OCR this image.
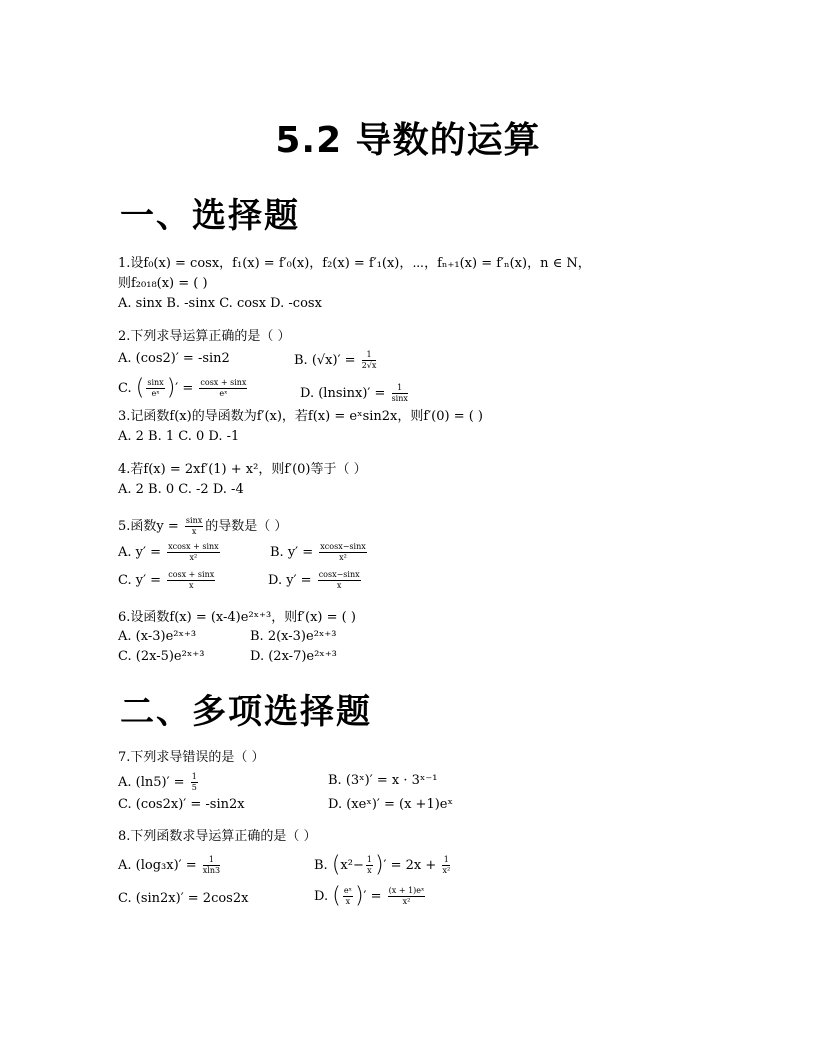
5.2 导数的运算
一、选择题
1.设f₀(x) = cosx，f₁(x) = f′₀(x)，f₂(x) = f′₁(x)，⋯，fₙ₊₁(x) = f′ₙ(x)，n ∈ N，
则f₂₀₁₈(x) = ( )
A. sinx B. -sinx C. cosx D. -cosx
2.下列求导运算正确的是（ ）
A. (cos2)′ = -sin2	B. $(√x)' = \frac{1}{2√x}$
C. ( $\frac{\sin x}{\text{eˣ}}$ )′ = $\frac{\cos x + \sin x}{\text{eˣ}}$	D. $(lnsinx)' = \frac{1}{\sin x}$
3.记函数f(x)的导函数为f′(x)，若f(x) = eˣsin2x，则f′(0) = ( )
A. 2 B. 1 C. 0 D. -1
4.若f(x) = 2xf′(1) + x²，则f′(0)等于（ ）
A. 2 B. 0 C. -2 D. -4
5.函数$y = \frac{\sin x}{x}$ 的导数是（ ）
A. $y' = \frac{xcosx + \sin x}{\text{x²}}$	B. $y' = \frac{xcosx-\sin x}{\text{x²}}$
C. $y' = \frac{\cos x + \sin x}{x}$	D. $y' = \frac{\cos x-\sin x}{x}$
6.设函数f(x) = (x-4)e²ˣ⁺³，则f′(x) = ( )
A. (x-3)e²ˣ⁺³	B. 2(x-3)e²ˣ⁺³
C. (2x-5)e²ˣ⁺³	D. (2x-7)e²ˣ⁺³
二、多项选择题
7.下列求导错误的是（ ）
A. $(\ln 5)' = \frac{1}{5}$	B. (3ˣ)′ = x · 3ˣ⁻¹
C. (cos2x)′ = -sin2x	D. (xeˣ)′ = (x +1)eˣ
8.下列函数求导运算正确的是（ ）
A. $(\log_3x)' = \frac{1}{xln3}$	B. ($x^2- \frac{1}{x}$ )′ = $2x + \frac{1}{\text{x²}}$
C. (sin2x)′ = 2cos2x	D. ( $\frac{\text{eˣ}}{x}$ )′ = $\frac{\text{(x + 1)eˣ}}{\text{x²}}$
